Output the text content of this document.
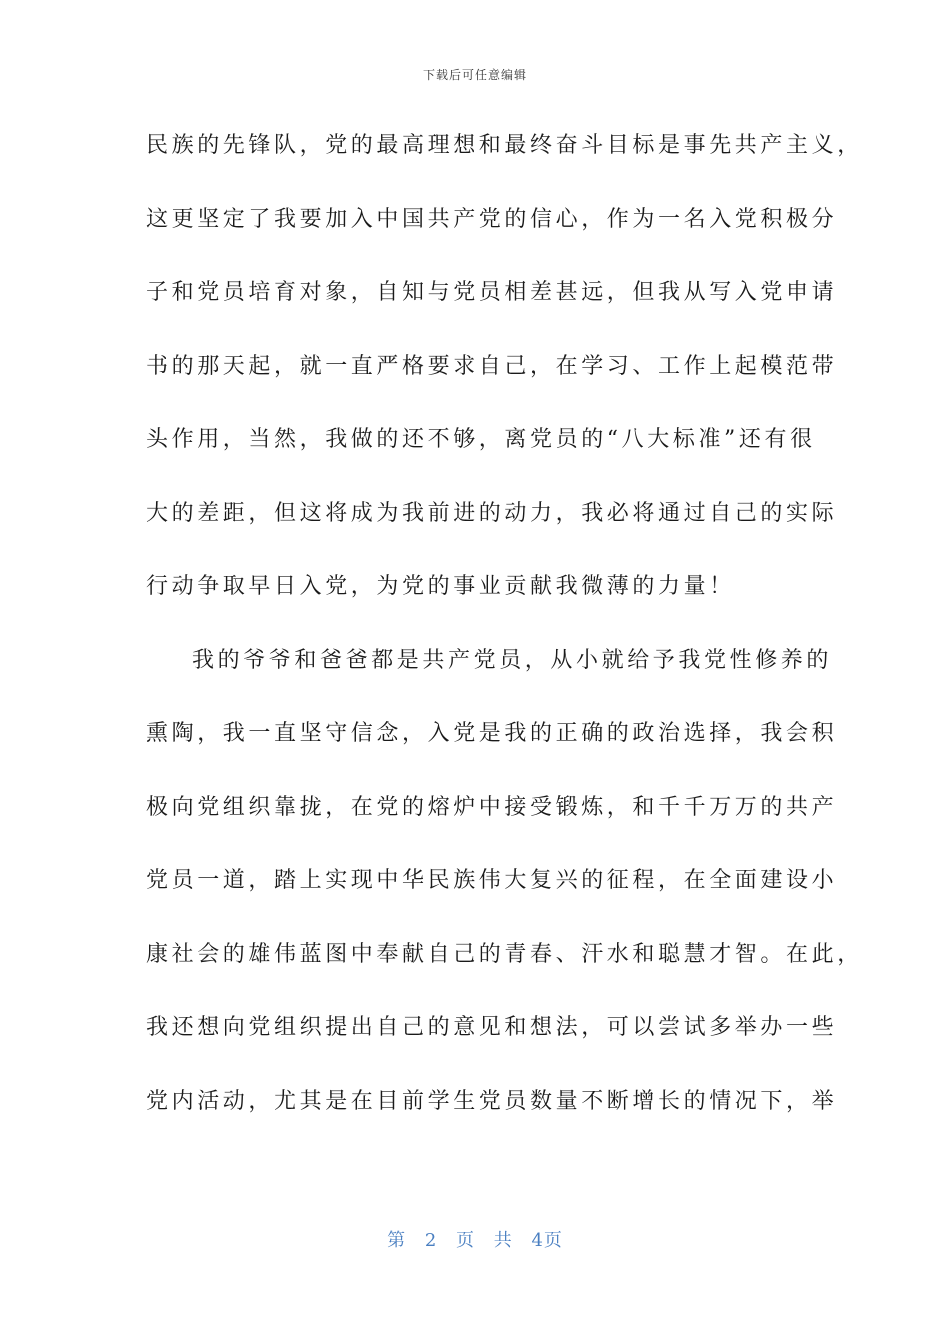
下载后可任意编辑
民族的先锋队，党的最高理想和最终奋斗目标是事先共产主义，
这更坚定了我要加入中国共产党的信心，作为一名入党积极分
子和党员培育对象，自知与党员相差甚远，但我从写入党申请
书的那天起，就一直严格要求自己，在学习、工作上起模范带
头作用，当然，我做的还不够，离党员的“八大标准”还有很
大的差距，但这将成为我前进的动力，我必将通过自己的实际
行动争取早日入党，为党的事业贡献我微薄的力量！
我的爷爷和爸爸都是共产党员，从小就给予我党性修养的
熏陶，我一直坚守信念，入党是我的正确的政治选择，我会积
极向党组织靠拢，在党的熔炉中接受锻炼，和千千万万的共产
党员一道，踏上实现中华民族伟大复兴的征程，在全面建设小
康社会的雄伟蓝图中奉献自己的青春、汗水和聪慧才智。在此，
我还想向党组织提出自己的意见和想法，可以尝试多举办一些
党内活动，尤其是在目前学生党员数量不断增长的情况下，举
第 2 页 共 4页
